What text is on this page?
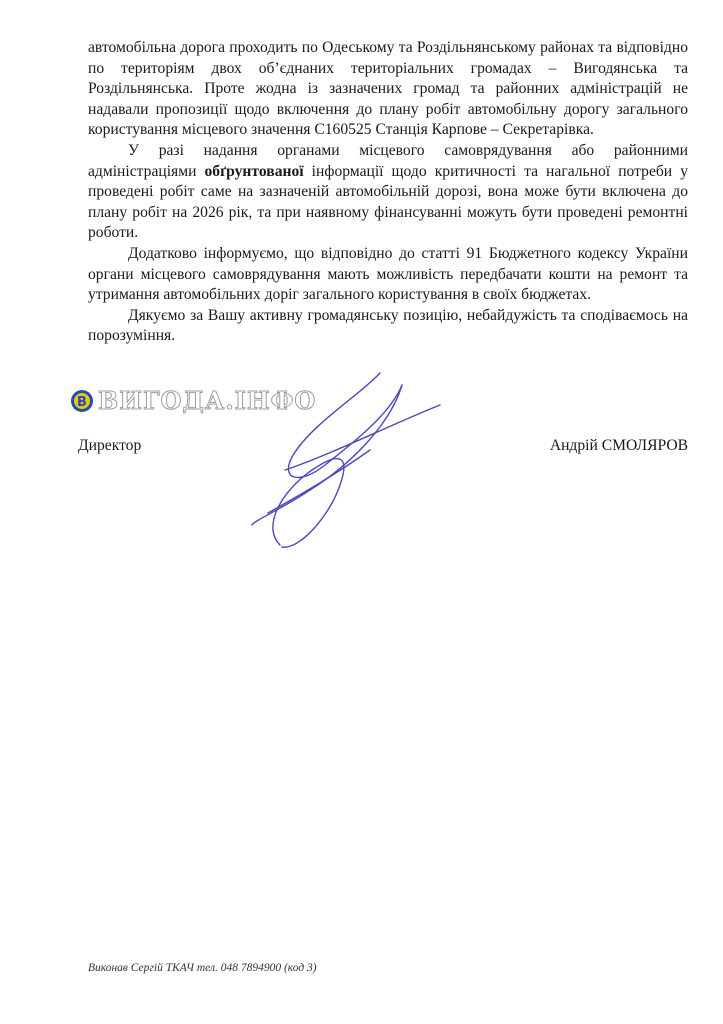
автомобільна дорога проходить по Одеському та Роздільнянському районах та відповідно по територіям двох об’єднаних територіальних громадах – Вигодянська та Роздільнянська. Проте жодна із зазначених громад та районних адміністрацій не надавали пропозиції щодо включення до плану робіт автомобільну дорогу загального користування місцевого значення С160525 Станція Карпове – Секретарівка.

У разі надання органами місцевого самоврядування або районними адміністраціями обґрунтованої інформації щодо критичності та нагальної потреби у проведені робіт саме на зазначеній автомобільній дорозі, вона може бути включена до плану робіт на 2026 рік, та при наявному фінансуванні можуть бути проведені ремонтні роботи.

Додатково інформуємо, що відповідно до статті 91 Бюджетного кодексу України органи місцевого самоврядування мають можливість передбачати кошти на ремонт та утримання автомобільних доріг загального користування в своїх бюджетах.

Дякуємо за Вашу активну громадянську позицію, небайдужість та сподіваємось на порозуміння.

В ВИГОДА.ІНФО
Директор	Андрій СМОЛЯРОВ
Виконав Сергій ТКАЧ тел. 048 7894900 (код 3)
